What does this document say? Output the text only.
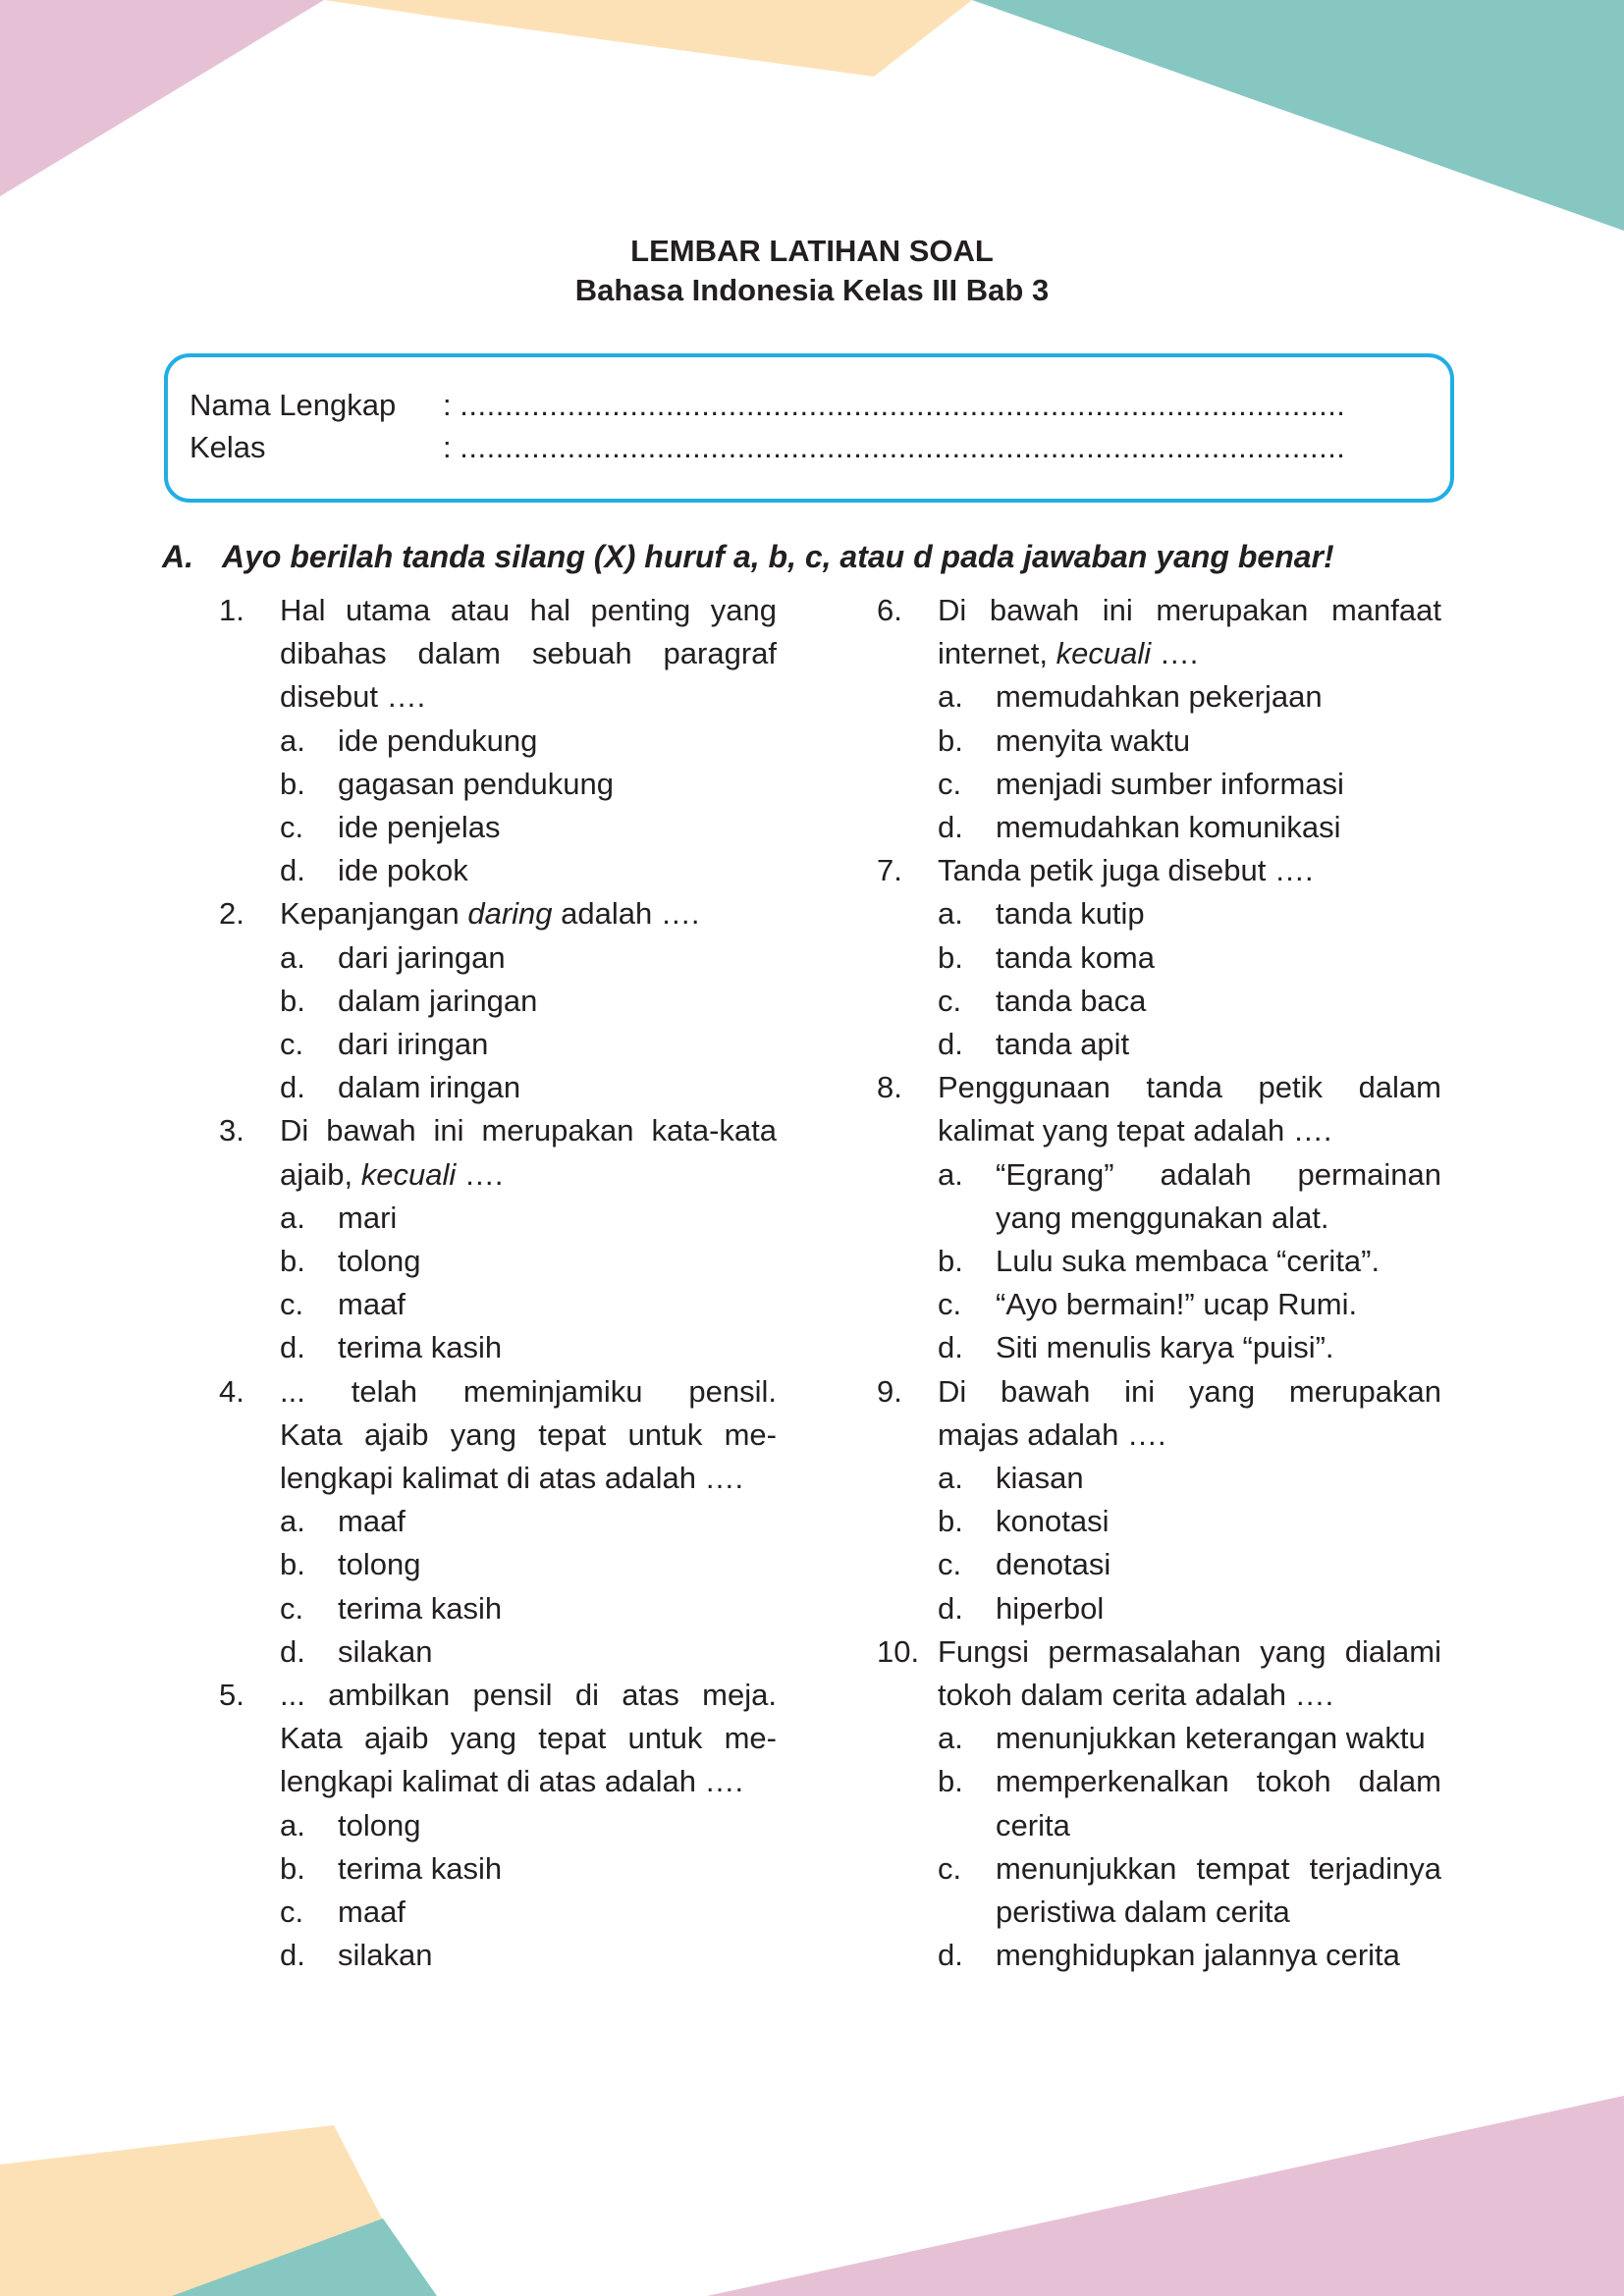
LEMBAR LATIHAN SOAL
Bahasa Indonesia Kelas III Bab 3
Nama Lengkap : ...................................................................................................
Kelas	: ...................................................................................................
A. Ayo berilah tanda silang (X) huruf a, b, c, atau d pada jawaban yang benar!
1. Hal utama atau hal penting yang
dibahas dalam sebuah paragraf
disebut ….
a. ide pendukung
b. gagasan pendukung
c. ide penjelas
d. ide pokok
2. Kepanjangan daring adalah ….
a. dari jaringan
b. dalam jaringan
c. dari iringan
d. dalam iringan
3. Di bawah ini merupakan kata-kata
ajaib, kecuali ….
a. mari
b. tolong
c. maaf
d. terima kasih
4. ... telah meminjamiku pensil.
Kata ajaib yang tepat untuk me-
lengkapi kalimat di atas adalah ….
a. maaf
b. tolong
c. terima kasih
d. silakan
5. ... ambilkan pensil di atas meja.
Kata ajaib yang tepat untuk me-
lengkapi kalimat di atas adalah ….
a. tolong
b. terima kasih
c. maaf
d. silakan
6. Di bawah ini merupakan manfaat
internet, kecuali ….
a. memudahkan pekerjaan
b. menyita waktu
c. menjadi sumber informasi
d. memudahkan komunikasi
7. Tanda petik juga disebut ….
a. tanda kutip
b. tanda koma
c. tanda baca
d. tanda apit
8. Penggunaan tanda petik dalam
kalimat yang tepat adalah ….
a. “Egrang” adalah permainan
yang menggunakan alat.
b. Lulu suka membaca “cerita”.
c. “Ayo bermain!” ucap Rumi.
d. Siti menulis karya “puisi”.
9. Di bawah ini yang merupakan
majas adalah ….
a. kiasan
b. konotasi
c. denotasi
d. hiperbol
10. Fungsi permasalahan yang dialami
tokoh dalam cerita adalah ….
a. menunjukkan keterangan waktu
b. memperkenalkan tokoh dalam
cerita
c. menunjukkan tempat terjadinya
peristiwa dalam cerita
d. menghidupkan jalannya cerita
